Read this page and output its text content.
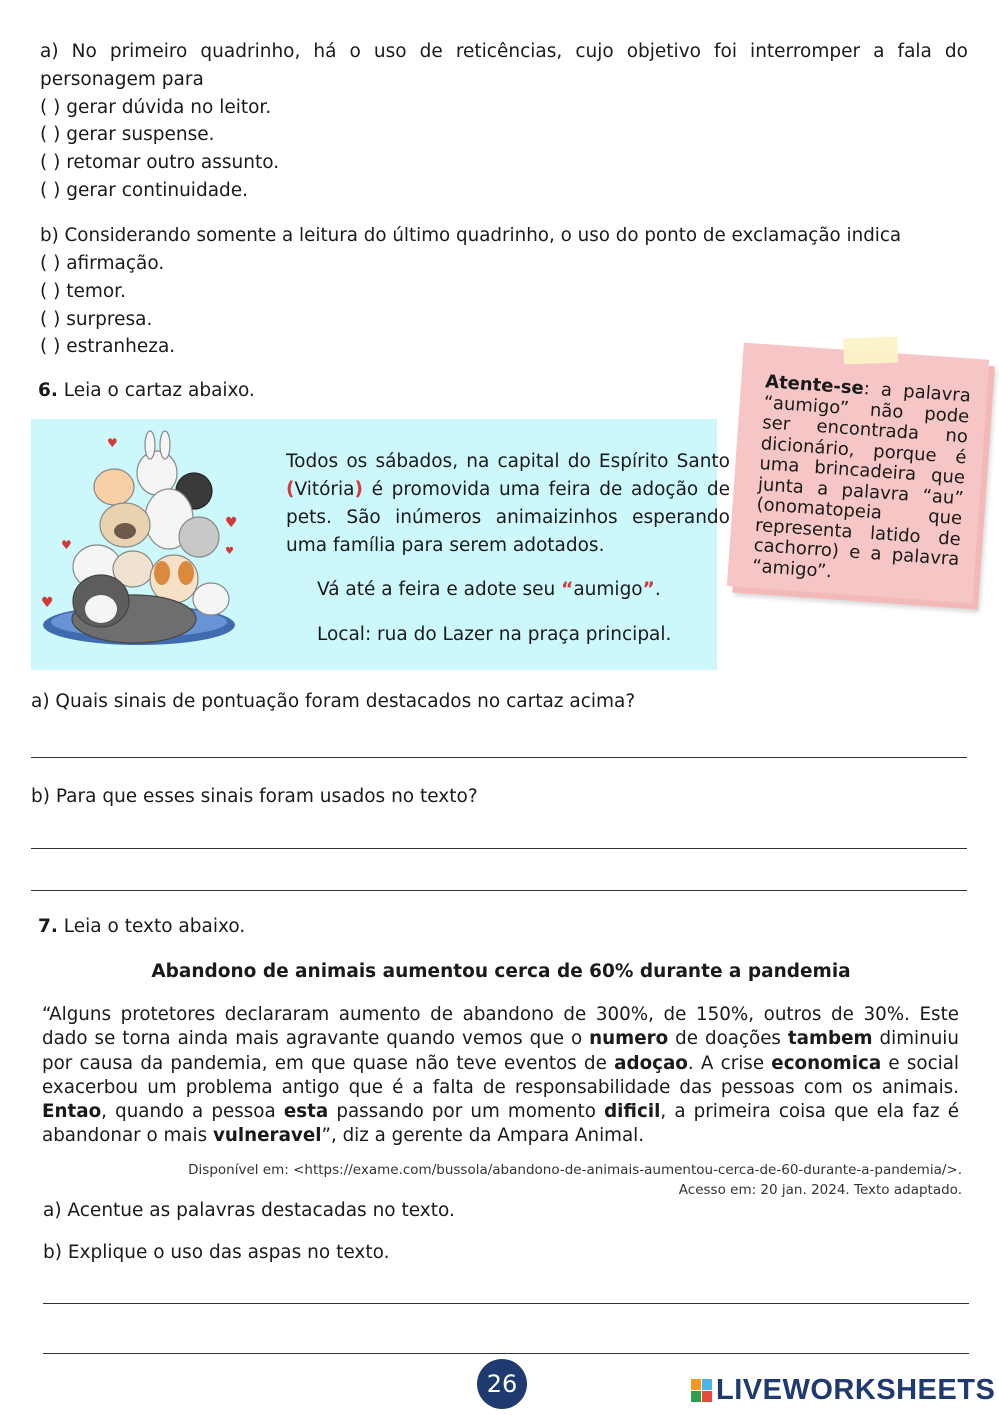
a) No primeiro quadrinho, há o uso de reticências, cujo objetivo foi interromper a fala do
personagem para
( ) gerar dúvida no leitor.
( ) gerar suspense.
( ) retomar outro assunto.
( ) gerar continuidade.
b) Considerando somente a leitura do último quadrinho, o uso do ponto de exclamação indica
( ) afirmação.
( ) temor.
( ) surpresa.
( ) estranheza.
6. Leia o cartaz abaixo.
♥
♥
♥
♥
♥
Todos os sábados, na capital do Espírito Santo (Vitória) é promovida uma feira de adoção de pets. São inúmeros animaizinhos esperando uma família para serem adotados.
Vá até a feira e adote seu “aumigo”.
Local: rua do Lazer na praça principal.
Atente-se: a palavra “aumigo” não pode ser encontrada no dicionário, porque é uma brincadeira que junta a palavra “au” (onomatopeia que representa latido de cachorro) e a palavra “amigo”.
a) Quais sinais de pontuação foram destacados no cartaz acima?
b) Para que esses sinais foram usados no texto?
7. Leia o texto abaixo.
Abandono de animais aumentou cerca de 60% durante a pandemia
“Alguns protetores declararam aumento de abandono de 300%, de 150%, outros de 30%. Este dado se torna ainda mais agravante quando vemos que o numero de doações tambem diminuiu por causa da pandemia, em que quase não teve eventos de adoçao. A crise economica e social exacerbou um problema antigo que é a falta de responsabilidade das pessoas com os animais. Entao, quando a pessoa esta passando por um momento dificil, a primeira coisa que ela faz é abandonar o mais vulneravel”, diz a gerente da Ampara Animal.
Disponível em: <https://exame.com/bussola/abandono-de-animais-aumentou-cerca-de-60-durante-a-pandemia/>.
Acesso em: 20 jan. 2024. Texto adaptado.
a) Acentue as palavras destacadas no texto.
b) Explique o uso das aspas no texto.
26	LIVEWORKSHEETS
